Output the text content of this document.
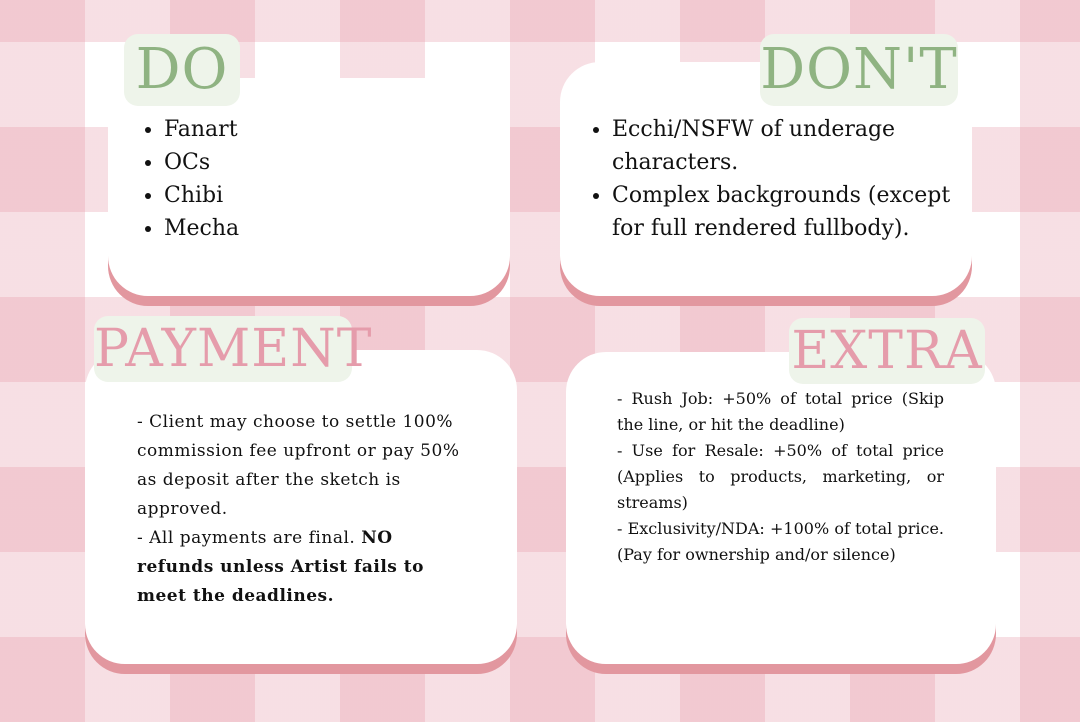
DO
• Fanart
• OCs
• Chibi
• Mecha
DON'T
• Ecchi/NSFW of underage characters.
• Complex backgrounds (except for full rendered fullbody).
PAYMENT
- Client may choose to settle 100% commission fee upfront or pay 50% as deposit after the sketch is approved.
- All payments are final. NO refunds unless Artist fails to meet the deadlines.
EXTRA
- Rush Job: +50% of total price (Skip the line, or hit the deadline)
- Use for Resale: +50% of total price (Applies to products, marketing, or streams)
- Exclusivity/NDA: +100% of total price. (Pay for ownership and/or silence)
